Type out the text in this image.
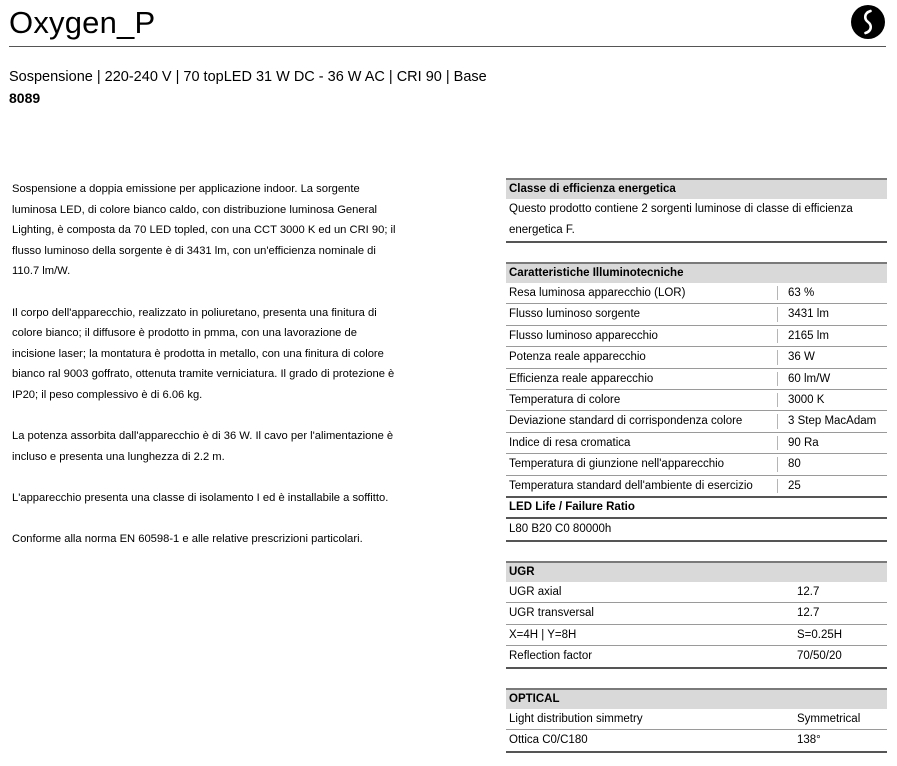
Oxygen_P
Sospensione | 220-240 V | 70 topLED 31 W DC - 36 W AC | CRI 90 | Base
8089

Sospensione a doppia emissione per applicazione indoor. La sorgente luminosa LED, di colore bianco caldo, con distribuzione luminosa General Lighting, è composta da 70 LED topled, con una CCT 3000 K ed un CRI 90; il flusso luminoso della sorgente è di 3431 lm, con un'efficienza nominale di 110.7 lm/W.

Il corpo dell'apparecchio, realizzato in poliuretano, presenta una finitura di colore bianco; il diffusore è prodotto in pmma, con una lavorazione de incisione laser; la montatura è prodotta in metallo, con una finitura di colore bianco ral 9003 goffrato, ottenuta tramite verniciatura. Il grado di protezione è IP20; il peso complessivo è di 6.06 kg.

La potenza assorbita dall'apparecchio è di 36 W. Il cavo per l'alimentazione è incluso e presenta una lunghezza di 2.2 m.

L'apparecchio presenta una classe di isolamento I ed è installabile a soffitto.

Conforme alla norma EN 60598-1 e alle relative prescrizioni particolari.

Classe di efficienza energetica
Questo prodotto contiene 2 sorgenti luminose di classe di efficienza energetica F.
Caratteristiche Illuminotecniche
Resa luminosa apparecchio (LOR)	63 %
Flusso luminoso sorgente	3431 lm
Flusso luminoso apparecchio	2165 lm
Potenza reale apparecchio	36 W
Efficienza reale apparecchio	60 lm/W
Temperatura di colore	3000 K
Deviazione standard di corrispondenza colore	3 Step MacAdam
Indice di resa cromatica	90 Ra
Temperatura di giunzione nell'apparecchio	80
Temperatura standard dell'ambiente di esercizio	25
LED Life / Failure Ratio
L80 B20 C0 80000h
UGR
UGR axial	12.7
UGR transversal	12.7
X=4H | Y=8H	S=0.25H
Reflection factor	70/50/20
OPTICAL
Light distribution simmetry	Symmetrical
Ottica C0/C180	138°
